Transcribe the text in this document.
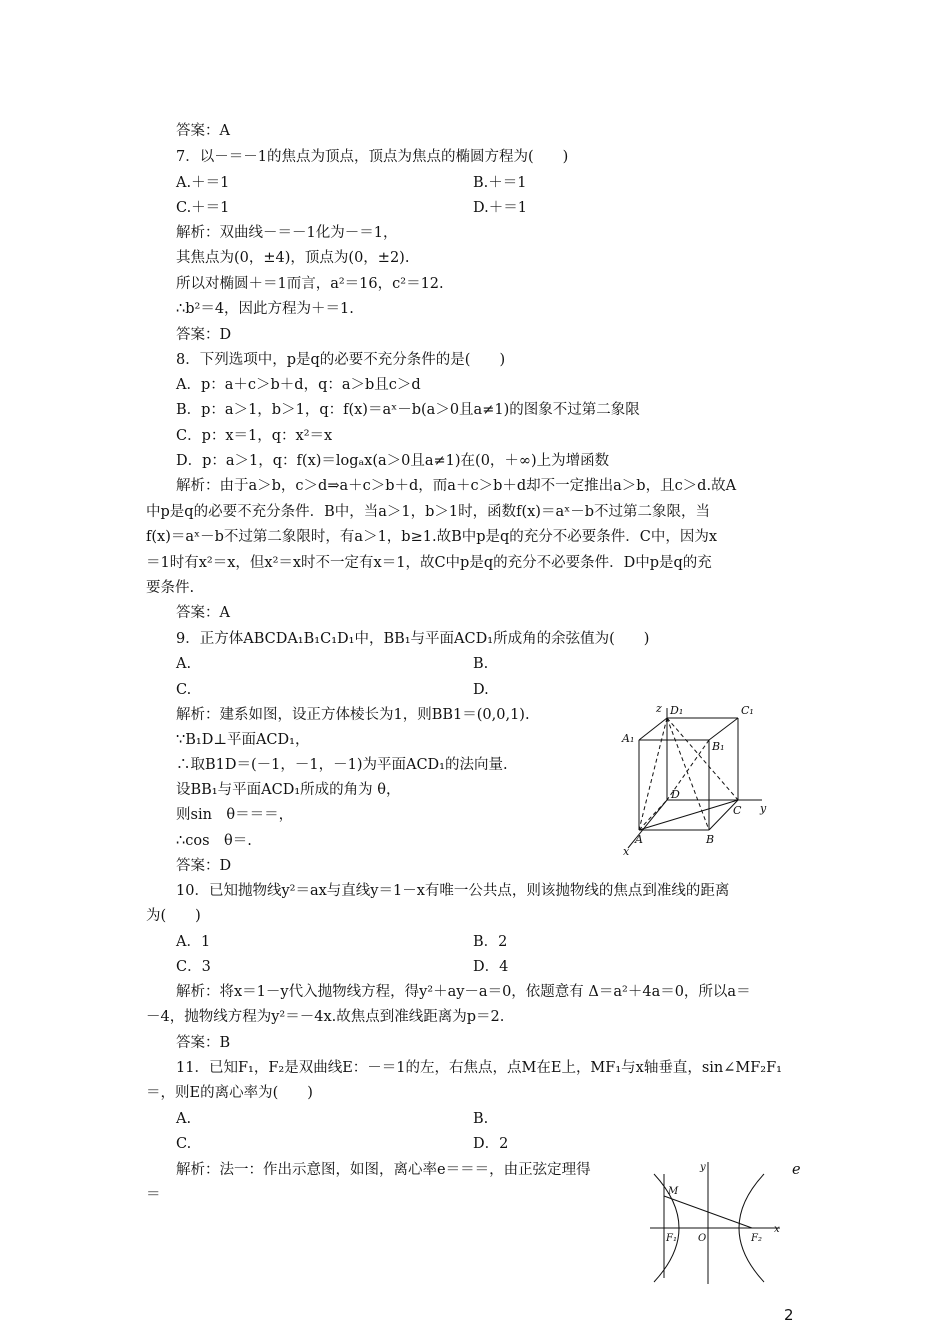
答案：A
7．以－＝－1的焦点为顶点，顶点为焦点的椭圆方程为(　　)
A.＋＝1	B.＋＝1
C.＋＝1	D.＋＝1
解析：双曲线－＝－1化为－＝1，
其焦点为(0，±4)，顶点为(0，±2).
所以对椭圆＋＝1而言，a²＝16，c²＝12.
∴b²＝4，因此方程为＋＝1.
答案：D
8．下列选项中，p是q的必要不充分条件的是(　　)
A．p：a＋c＞b＋d，q：a＞b且c＞d
B．p：a＞1，b＞1，q：f(x)＝aˣ－b(a＞0且a≠1)的图象不过第二象限
C．p：x＝1，q：x²＝x
D．p：a＞1，q：f(x)＝logₐx(a＞0且a≠1)在(0，＋∞)上为增函数
解析：由于a＞b，c＞d⇒a＋c＞b＋d，而a＋c＞b＋d却不一定推出a＞b，且c＞d.故A
中p是q的必要不充分条件．B中，当a＞1，b＞1时，函数f(x)＝aˣ－b不过第二象限，当
f(x)＝aˣ－b不过第二象限时，有a＞1，b≥1.故B中p是q的充分不必要条件．C中，因为x
＝1时有x²＝x，但x²＝x时不一定有x＝1，故C中p是q的充分不必要条件．D中p是q的充
要条件.
答案：A
9．正方体ABCDA₁B₁C₁D₁中，BB₁与平面ACD₁所成角的余弦值为(　　)
A.	B.
C.	D.
解析：建系如图，设正方体棱长为1，则BB1＝(0,0,1).
∵B₁D⊥平面ACD₁，
∴取B1D＝(－1，－1，－1)为平面ACD₁的法向量.
设BB₁与平面ACD₁所成的角为 θ，
则sin　θ＝＝＝，
∴cos　θ＝.
答案：D
z D₁	C₁
A₁
B₁
D
C y
A	B
x
10．已知抛物线y²＝ax与直线y＝1－x有唯一公共点，则该抛物线的焦点到准线的距离
为(　　)
A．1	B．2
C．3	D．4
解析：将x＝1－y代入抛物线方程，得y²＋ay－a＝0，依题意有 Δ＝a²＋4a＝0，所以a＝
－4，抛物线方程为y²＝－4x.故焦点到准线距离为p＝2.
答案：B
11．已知F₁，F₂是双曲线E：－＝1的左，右焦点，点M在E上，MF₁与x轴垂直，sin∠MF₂F₁
＝，则E的离心率为(　　)
A.	B.
C.	D．2
解析：法一：作出示意图，如图，离心率e＝＝＝，由正弦定理得	e
＝
y
M
F₁ O	F₂
x
2
